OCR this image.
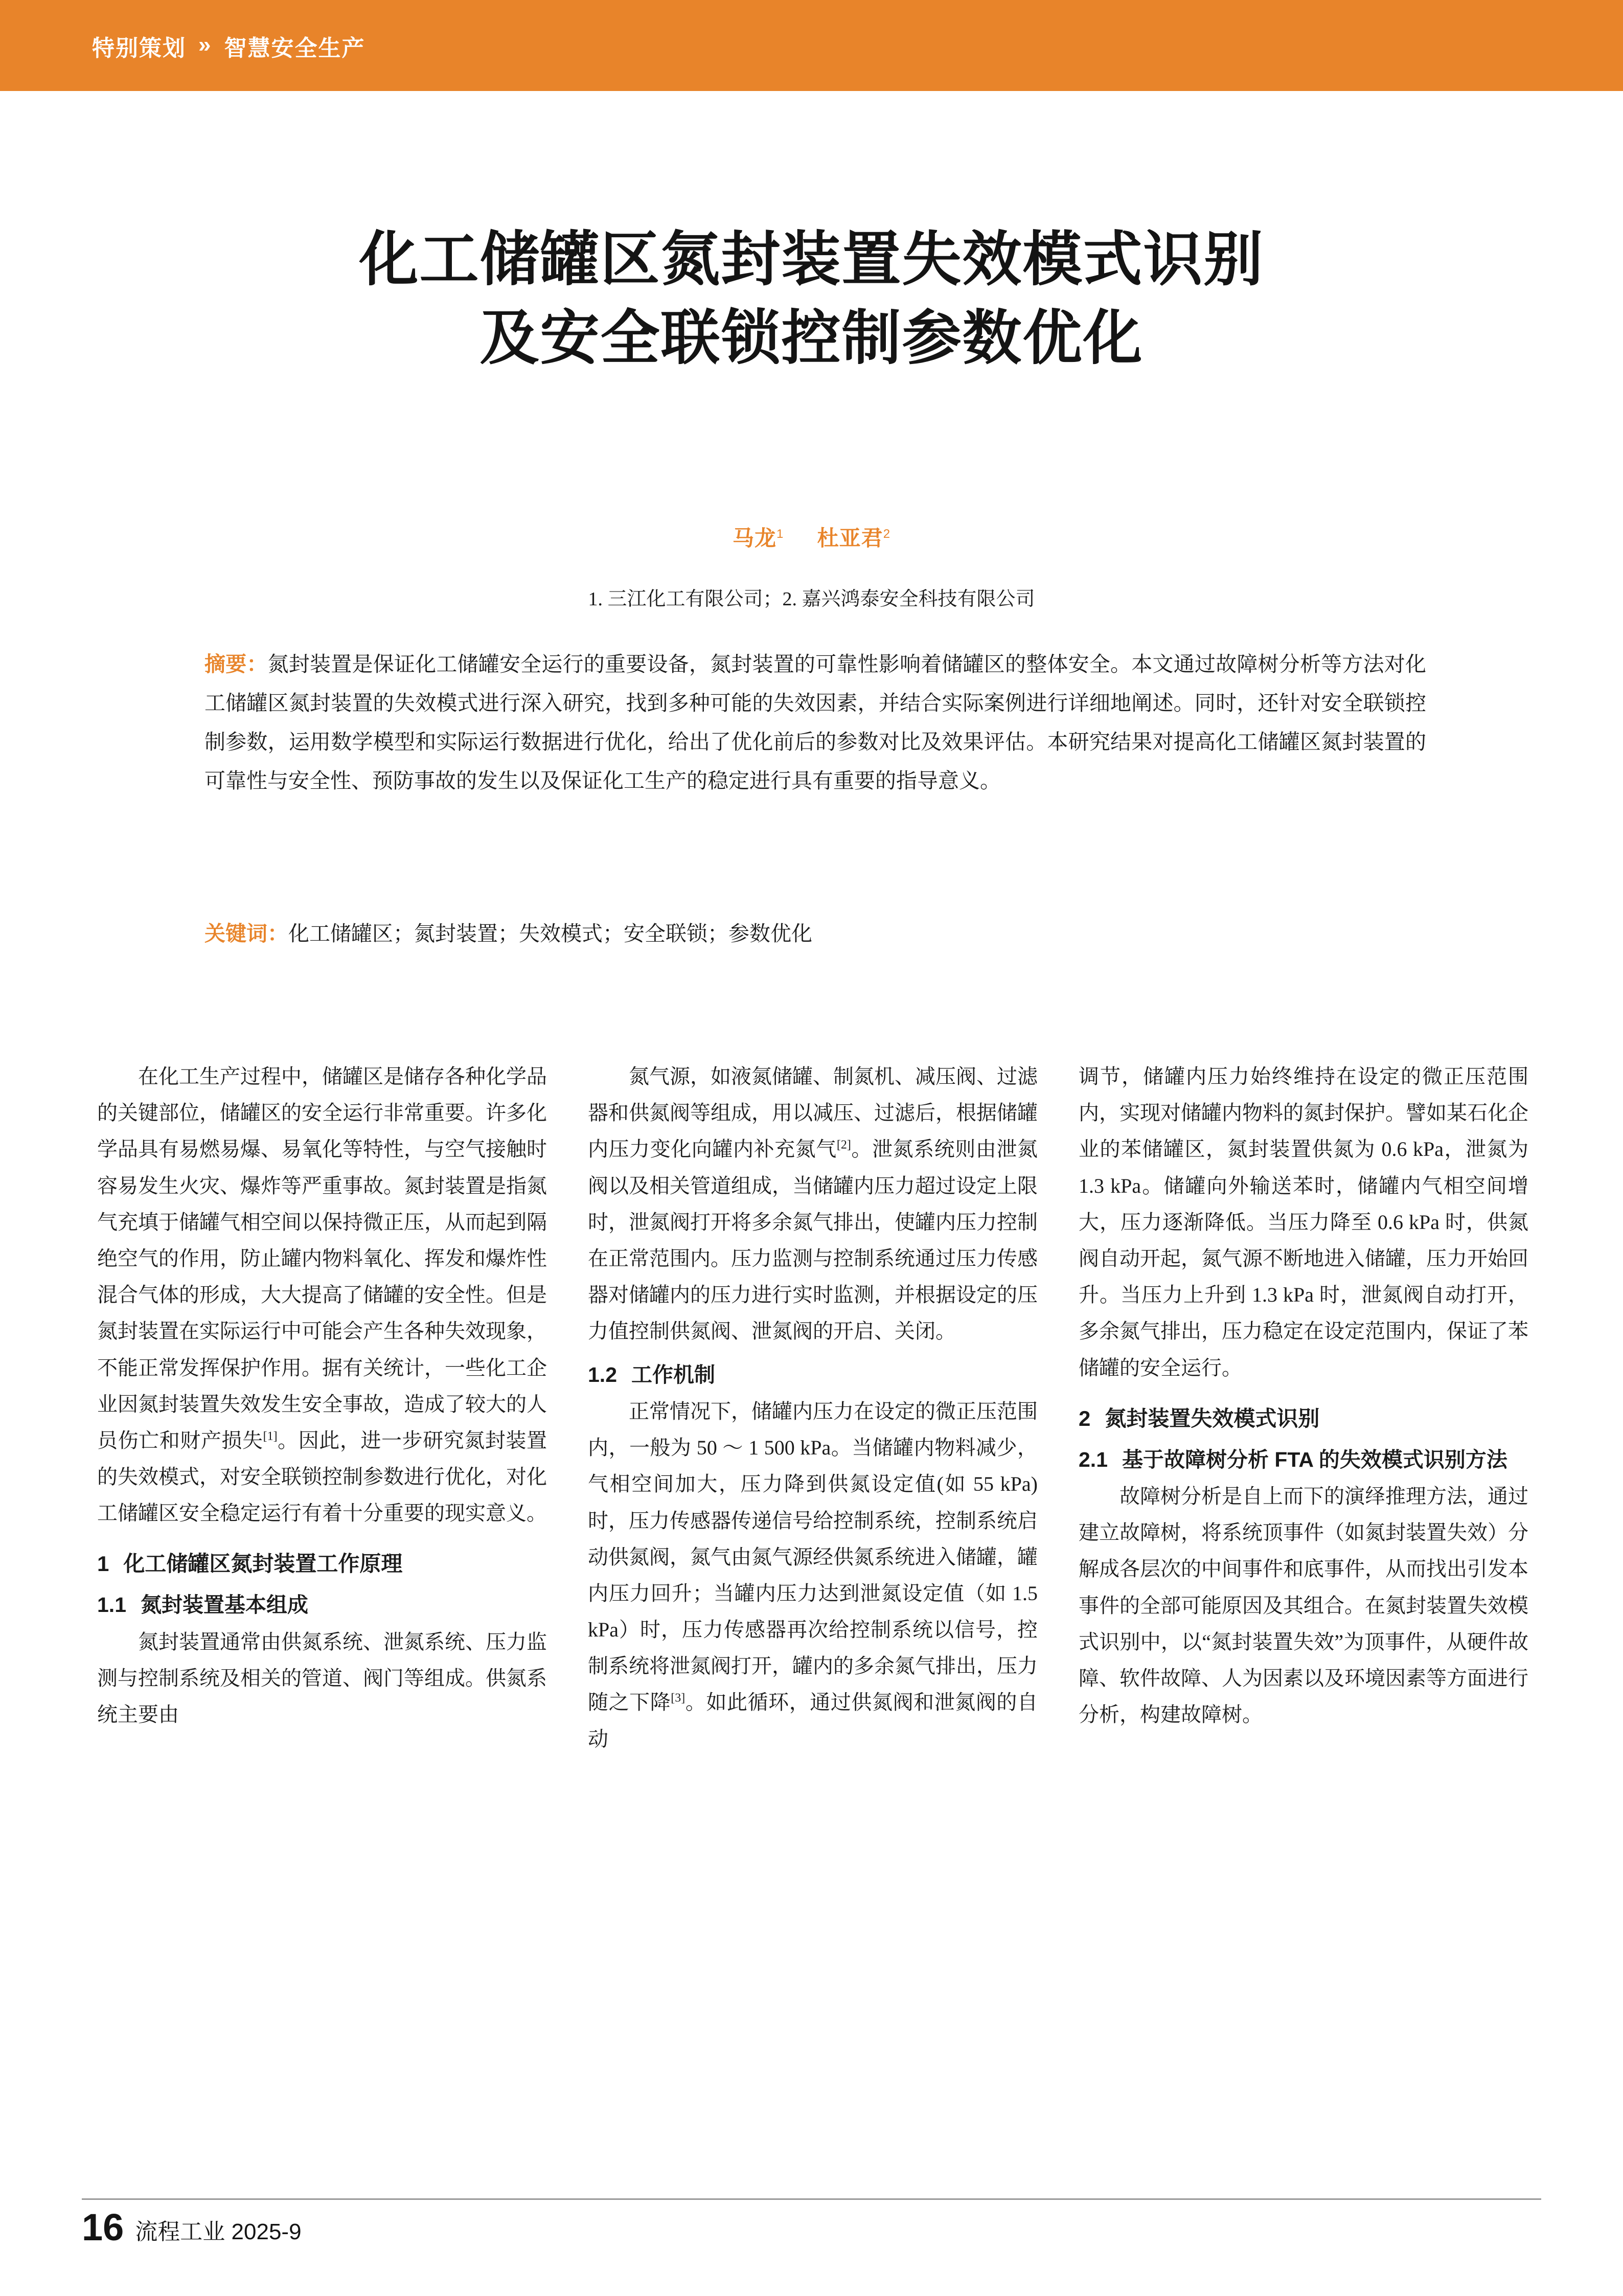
特别策划 » 智慧安全生产
化工储罐区氮封装置失效模式识别
及安全联锁控制参数优化
马龙$^1$ 杜亚君$^2$
1. 三江化工有限公司；2. 嘉兴鸿泰安全科技有限公司
摘要：氮封装置是保证化工储罐安全运行的重要设备，氮封装置的可靠性影响着储罐区的整体安全。本文通过故障树分析等方法对化工储罐区氮封装置的失效模式进行深入研究，找到多种可能的失效因素，并结合实际案例进行详细地阐述。同时，还针对安全联锁控制参数，运用数学模型和实际运行数据进行优化，给出了优化前后的参数对比及效果评估。本研究结果对提高化工储罐区氮封装置的可靠性与安全性、预防事故的发生以及保证化工生产的稳定进行具有重要的指导意义。
关键词：化工储罐区；氮封装置；失效模式；安全联锁；参数优化

在化工生产过程中，储罐区是储存各种化学品的关键部位，储罐区的安全运行非常重要。许多化学品具有易燃易爆、易氧化等特性，与空气接触时容易发生火灾、爆炸等严重事故。氮封装置是指氮气充填于储罐气相空间以保持微正压，从而起到隔绝空气的作用，防止罐内物料氧化、挥发和爆炸性混合气体的形成，大大提高了储罐的安全性。但是氮封装置在实际运行中可能会产生各种失效现象，不能正常发挥保护作用。据有关统计，一些化工企业因氮封装置失效发生安全事故，造成了较大的人员伤亡和财产损失[1]。因此，进一步研究氮封装置的失效模式，对安全联锁控制参数进行优化，对化工储罐区安全稳定运行有着十分重要的现实意义。

1 化工储罐区氮封装置工作原理
1.1 氮封装置基本组成

氮封装置通常由供氮系统、泄氮系统、压力监测与控制系统及相关的管道、阀门等组成。供氮系统主要由

氮气源，如液氮储罐、制氮机、减压阀、过滤器和供氮阀等组成，用以减压、过滤后，根据储罐内压力变化向罐内补充氮气[2]。泄氮系统则由泄氮阀以及相关管道组成，当储罐内压力超过设定上限时，泄氮阀打开将多余氮气排出，使罐内压力控制在正常范围内。压力监测与控制系统通过压力传感器对储罐内的压力进行实时监测，并根据设定的压力值控制供氮阀、泄氮阀的开启、关闭。

1.2 工作机制

正常情况下，储罐内压力在设定的微正压范围内，一般为 50 ～ 1 500 kPa。当储罐内物料减少，气相空间加大，压力降到供氮设定值(如 55 kPa)时，压力传感器传递信号给控制系统，控制系统启动供氮阀，氮气由氮气源经供氮系统进入储罐，罐内压力回升；当罐内压力达到泄氮设定值（如 1.5 kPa）时，压力传感器再次给控制系统以信号，控制系统将泄氮阀打开，罐内的多余氮气排出，压力随之下降[3]。如此循环，通过供氮阀和泄氮阀的自动

调节，储罐内压力始终维持在设定的微正压范围内，实现对储罐内物料的氮封保护。譬如某石化企业的苯储罐区，氮封装置供氮为 0.6 kPa，泄氮为 1.3 kPa。储罐向外输送苯时，储罐内气相空间增大，压力逐渐降低。当压力降至 0.6 kPa 时，供氮阀自动开起，氮气源不断地进入储罐，压力开始回升。当压力上升到 1.3 kPa 时，泄氮阀自动打开，多余氮气排出，压力稳定在设定范围内，保证了苯储罐的安全运行。

2 氮封装置失效模式识别
2.1 基于故障树分析 FTA 的失效模式识别方法

故障树分析是自上而下的演绎推理方法，通过建立故障树，将系统顶事件（如氮封装置失效）分解成各层次的中间事件和底事件，从而找出引发本事件的全部可能原因及其组合。在氮封装置失效模式识别中，以“氮封装置失效”为顶事件，从硬件故障、软件故障、人为因素以及环境因素等方面进行分析，构建故障树。

16 流程工业 2025-9
